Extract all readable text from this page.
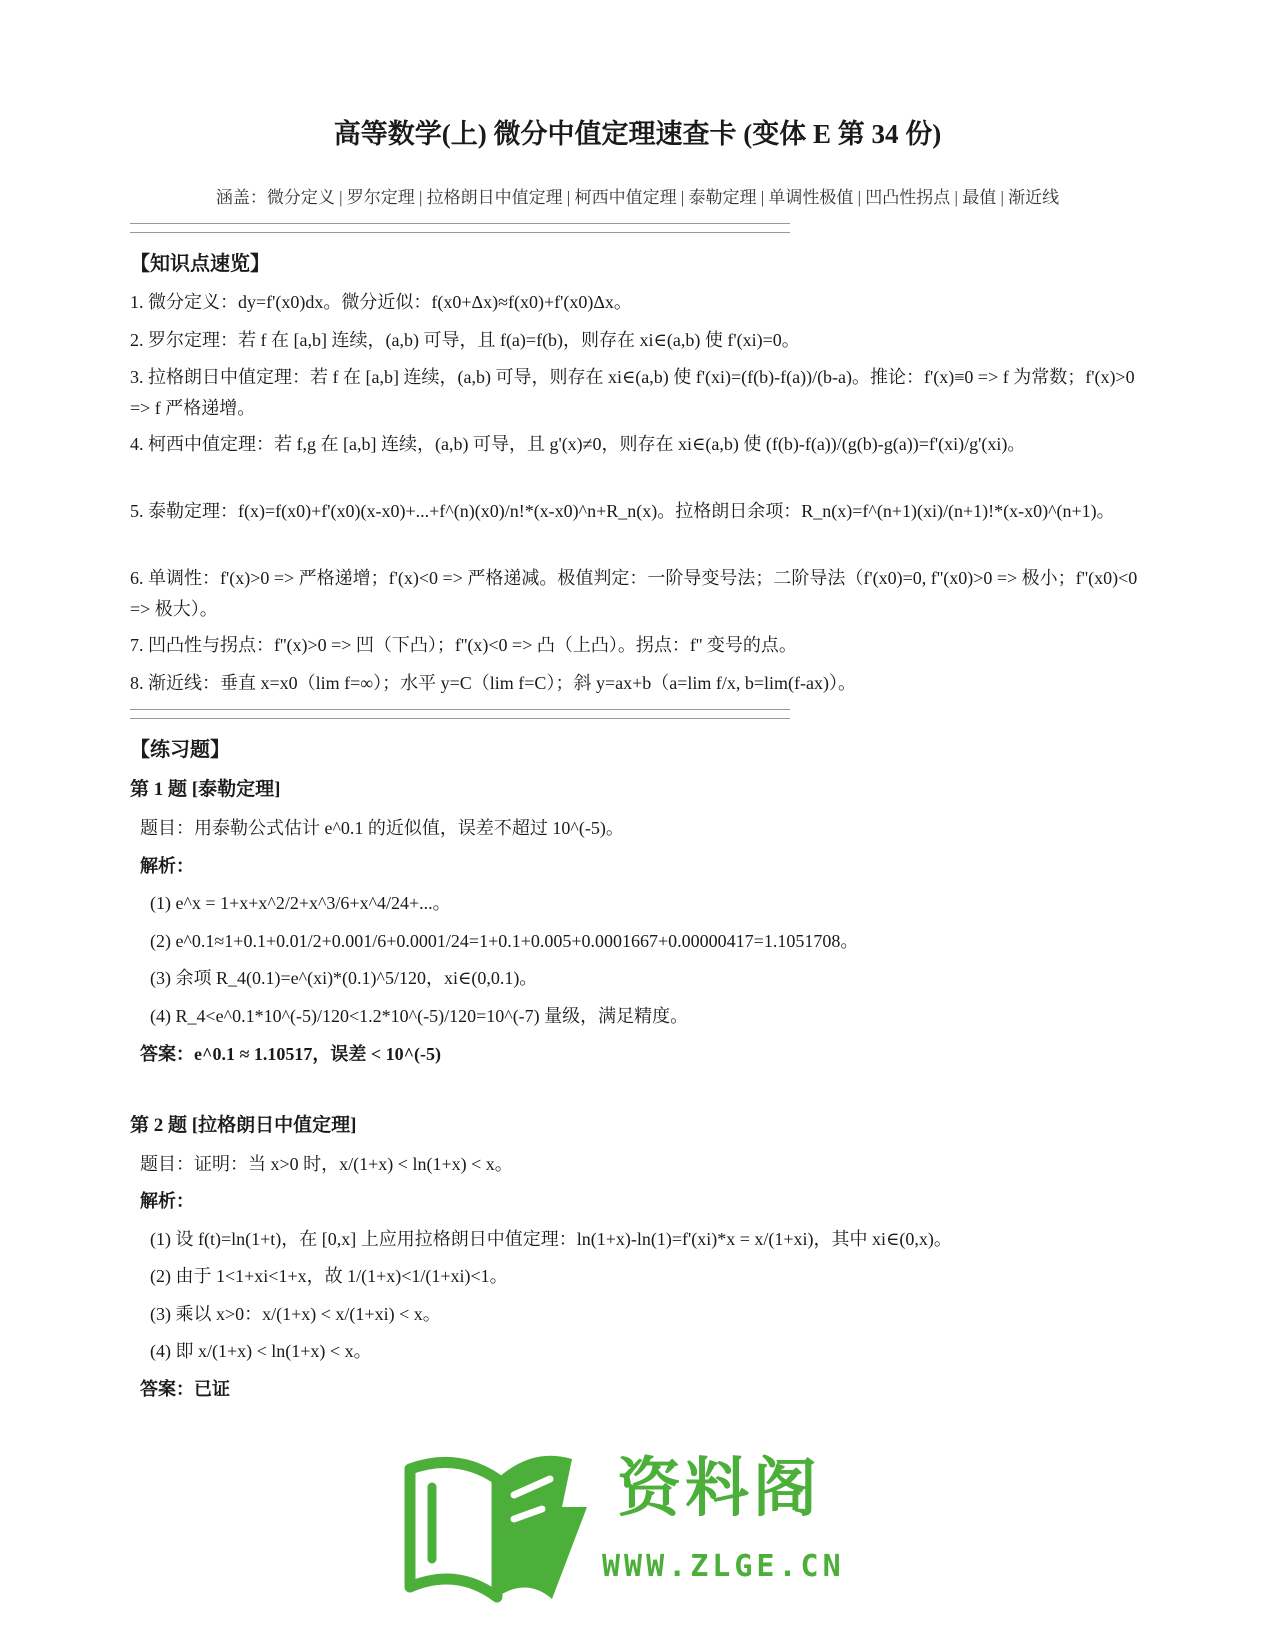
高等数学(上) 微分中值定理速查卡 (变体 E 第 34 份)
涵盖：微分定义 | 罗尔定理 | 拉格朗日中值定理 | 柯西中值定理 | 泰勒定理 | 单调性极值 | 凹凸性拐点 | 最值 | 渐近线
【知识点速览】
1. 微分定义：dy=f'(x0)dx。微分近似：f(x0+Δx)≈f(x0)+f'(x0)Δx。
2. 罗尔定理：若 f 在 [a,b] 连续，(a,b) 可导，且 f(a)=f(b)，则存在 xi∈(a,b) 使 f'(xi)=0。
3. 拉格朗日中值定理：若 f 在 [a,b] 连续，(a,b) 可导，则存在 xi∈(a,b) 使 f'(xi)=(f(b)-f(a))/(b-a)。推论：f'(x)≡0 => f 为常数；f'(x)>0 => f 严格递增。
4. 柯西中值定理：若 f,g 在 [a,b] 连续，(a,b) 可导，且 g'(x)≠0，则存在 xi∈(a,b) 使 (f(b)-f(a))/(g(b)-g(a))=f'(xi)/g'(xi)。
5. 泰勒定理：f(x)=f(x0)+f'(x0)(x-x0)+...+f^(n)(x0)/n!*(x-x0)^n+R_n(x)。拉格朗日余项：R_n(x)=f^(n+1)(xi)/(n+1)!*(x-x0)^(n+1)。
6. 单调性：f'(x)>0 => 严格递增；f'(x)<0 => 严格递减。极值判定：一阶导变号法；二阶导法（f'(x0)=0, f''(x0)>0 => 极小；f''(x0)<0 => 极大）。
7. 凹凸性与拐点：f''(x)>0 => 凹（下凸）；f''(x)<0 => 凸（上凸）。拐点：f'' 变号的点。
8. 渐近线：垂直 x=x0（lim f=∞）；水平 y=C（lim f=C）；斜 y=ax+b（a=lim f/x, b=lim(f-ax)）。
【练习题】
第 1 题 [泰勒定理]
题目：用泰勒公式估计 e^0.1 的近似值，误差不超过 10^(-5)。
解析：
(1) e^x = 1+x+x^2/2+x^3/6+x^4/24+...。
(2) e^0.1≈1+0.1+0.01/2+0.001/6+0.0001/24=1+0.1+0.005+0.0001667+0.00000417=1.1051708。
(3) 余项 R_4(0.1)=e^(xi)*(0.1)^5/120，xi∈(0,0.1)。
(4) R_4<e^0.1*10^(-5)/120<1.2*10^(-5)/120=10^(-7) 量级，满足精度。
答案：e^0.1 ≈ 1.10517，误差 < 10^(-5)
第 2 题 [拉格朗日中值定理]
题目：证明：当 x>0 时，x/(1+x) < ln(1+x) < x。
解析：
(1) 设 f(t)=ln(1+t)，在 [0,x] 上应用拉格朗日中值定理：ln(1+x)-ln(1)=f'(xi)*x = x/(1+xi)，其中 xi∈(0,x)。
(2) 由于 1<1+xi<1+x，故 1/(1+x)<1/(1+xi)<1。
(3) 乘以 x>0：x/(1+x) < x/(1+xi) < x。
(4) 即 x/(1+x) < ln(1+x) < x。
答案：已证
资料阁
WWW.ZLGE.CN
